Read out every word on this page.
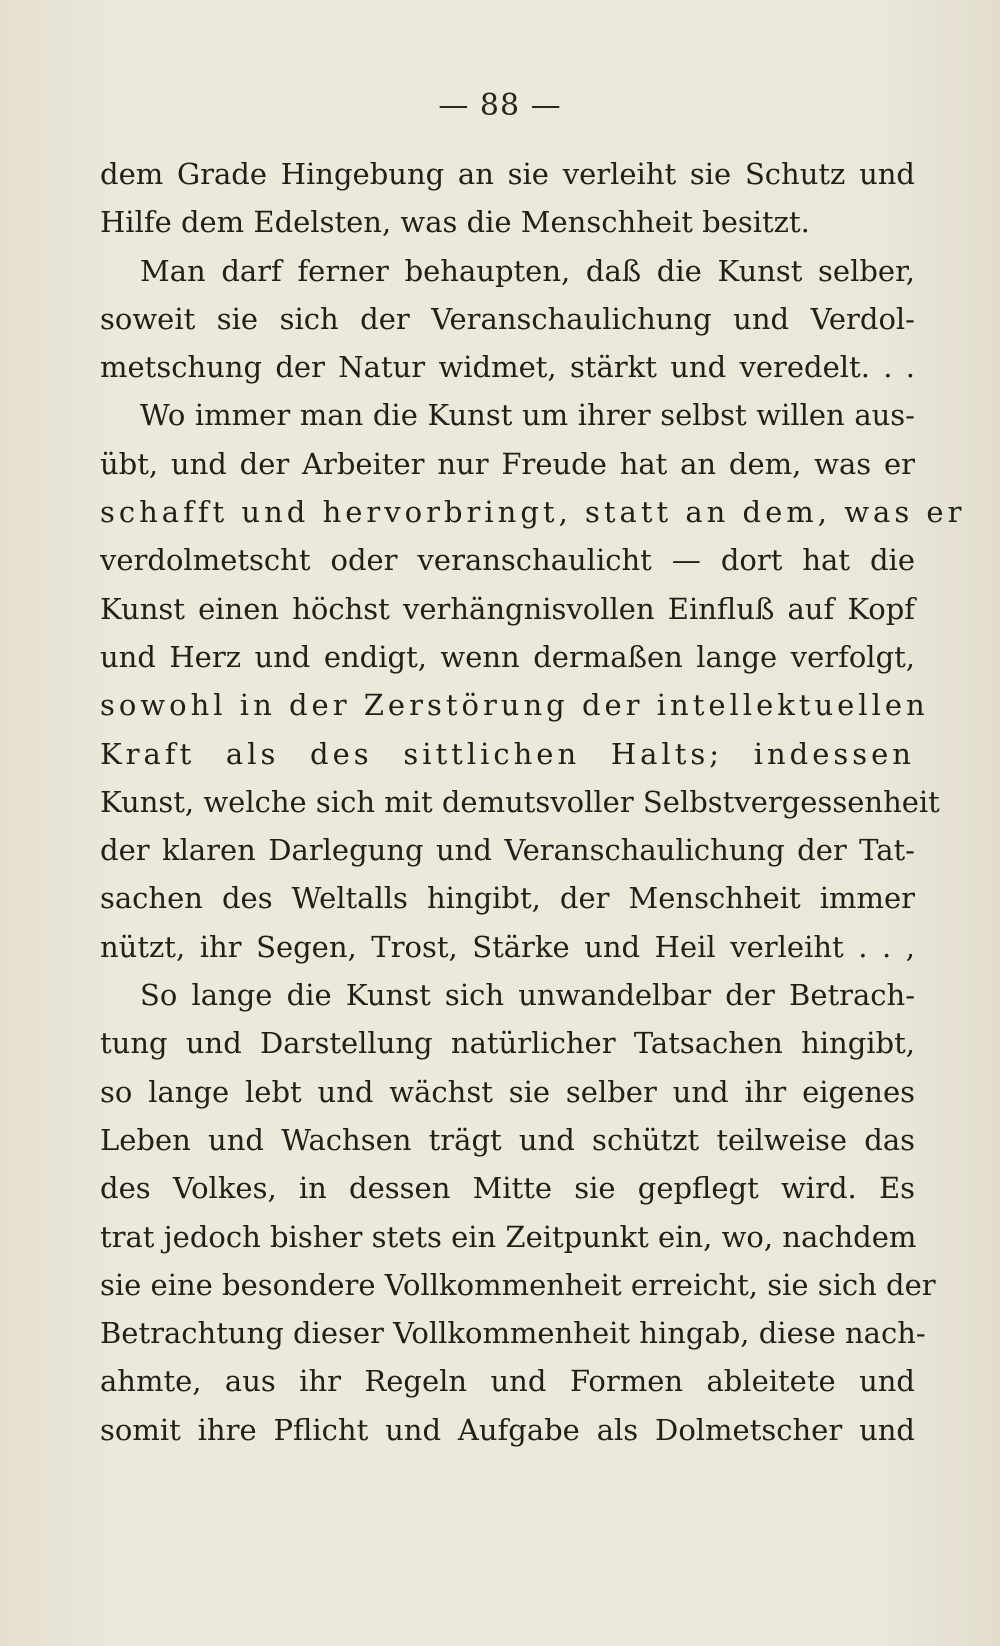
— 88 —
dem Grade Hingebung an sie verleiht sie Schutz und
Hilfe dem Edelsten, was die Menschheit besitzt.
Man darf ferner behaupten, daß die Kunst selber,
soweit sie sich der Veranschaulichung und Verdol-
metschung der Natur widmet, stärkt und veredelt. . .
Wo immer man die Kunst um ihrer selbst willen aus-
übt, und der Arbeiter nur Freude hat an dem, was er
schafft und hervorbringt, statt an dem, was er
verdolmetscht oder veranschaulicht — dort hat die
Kunst einen höchst verhängnisvollen Einfluß auf Kopf
und Herz und endigt, wenn dermaßen lange verfolgt,
sowohl in der Zerstörung der intellektuellen
Kraft als des sittlichen Halts; indessen
Kunst, welche sich mit demutsvoller Selbstvergessenheit
der klaren Darlegung und Veranschaulichung der Tat-
sachen des Weltalls hingibt, der Menschheit immer
nützt, ihr Segen, Trost, Stärke und Heil verleiht . . ,
So lange die Kunst sich unwandelbar der Betrach-
tung und Darstellung natürlicher Tatsachen hingibt,
so lange lebt und wächst sie selber und ihr eigenes
Leben und Wachsen trägt und schützt teilweise das
des Volkes, in dessen Mitte sie gepflegt wird. Es
trat jedoch bisher stets ein Zeitpunkt ein, wo, nachdem
sie eine besondere Vollkommenheit erreicht, sie sich der
Betrachtung dieser Vollkommenheit hingab, diese nach-
ahmte, aus ihr Regeln und Formen ableitete und
somit ihre Pflicht und Aufgabe als Dolmetscher und
